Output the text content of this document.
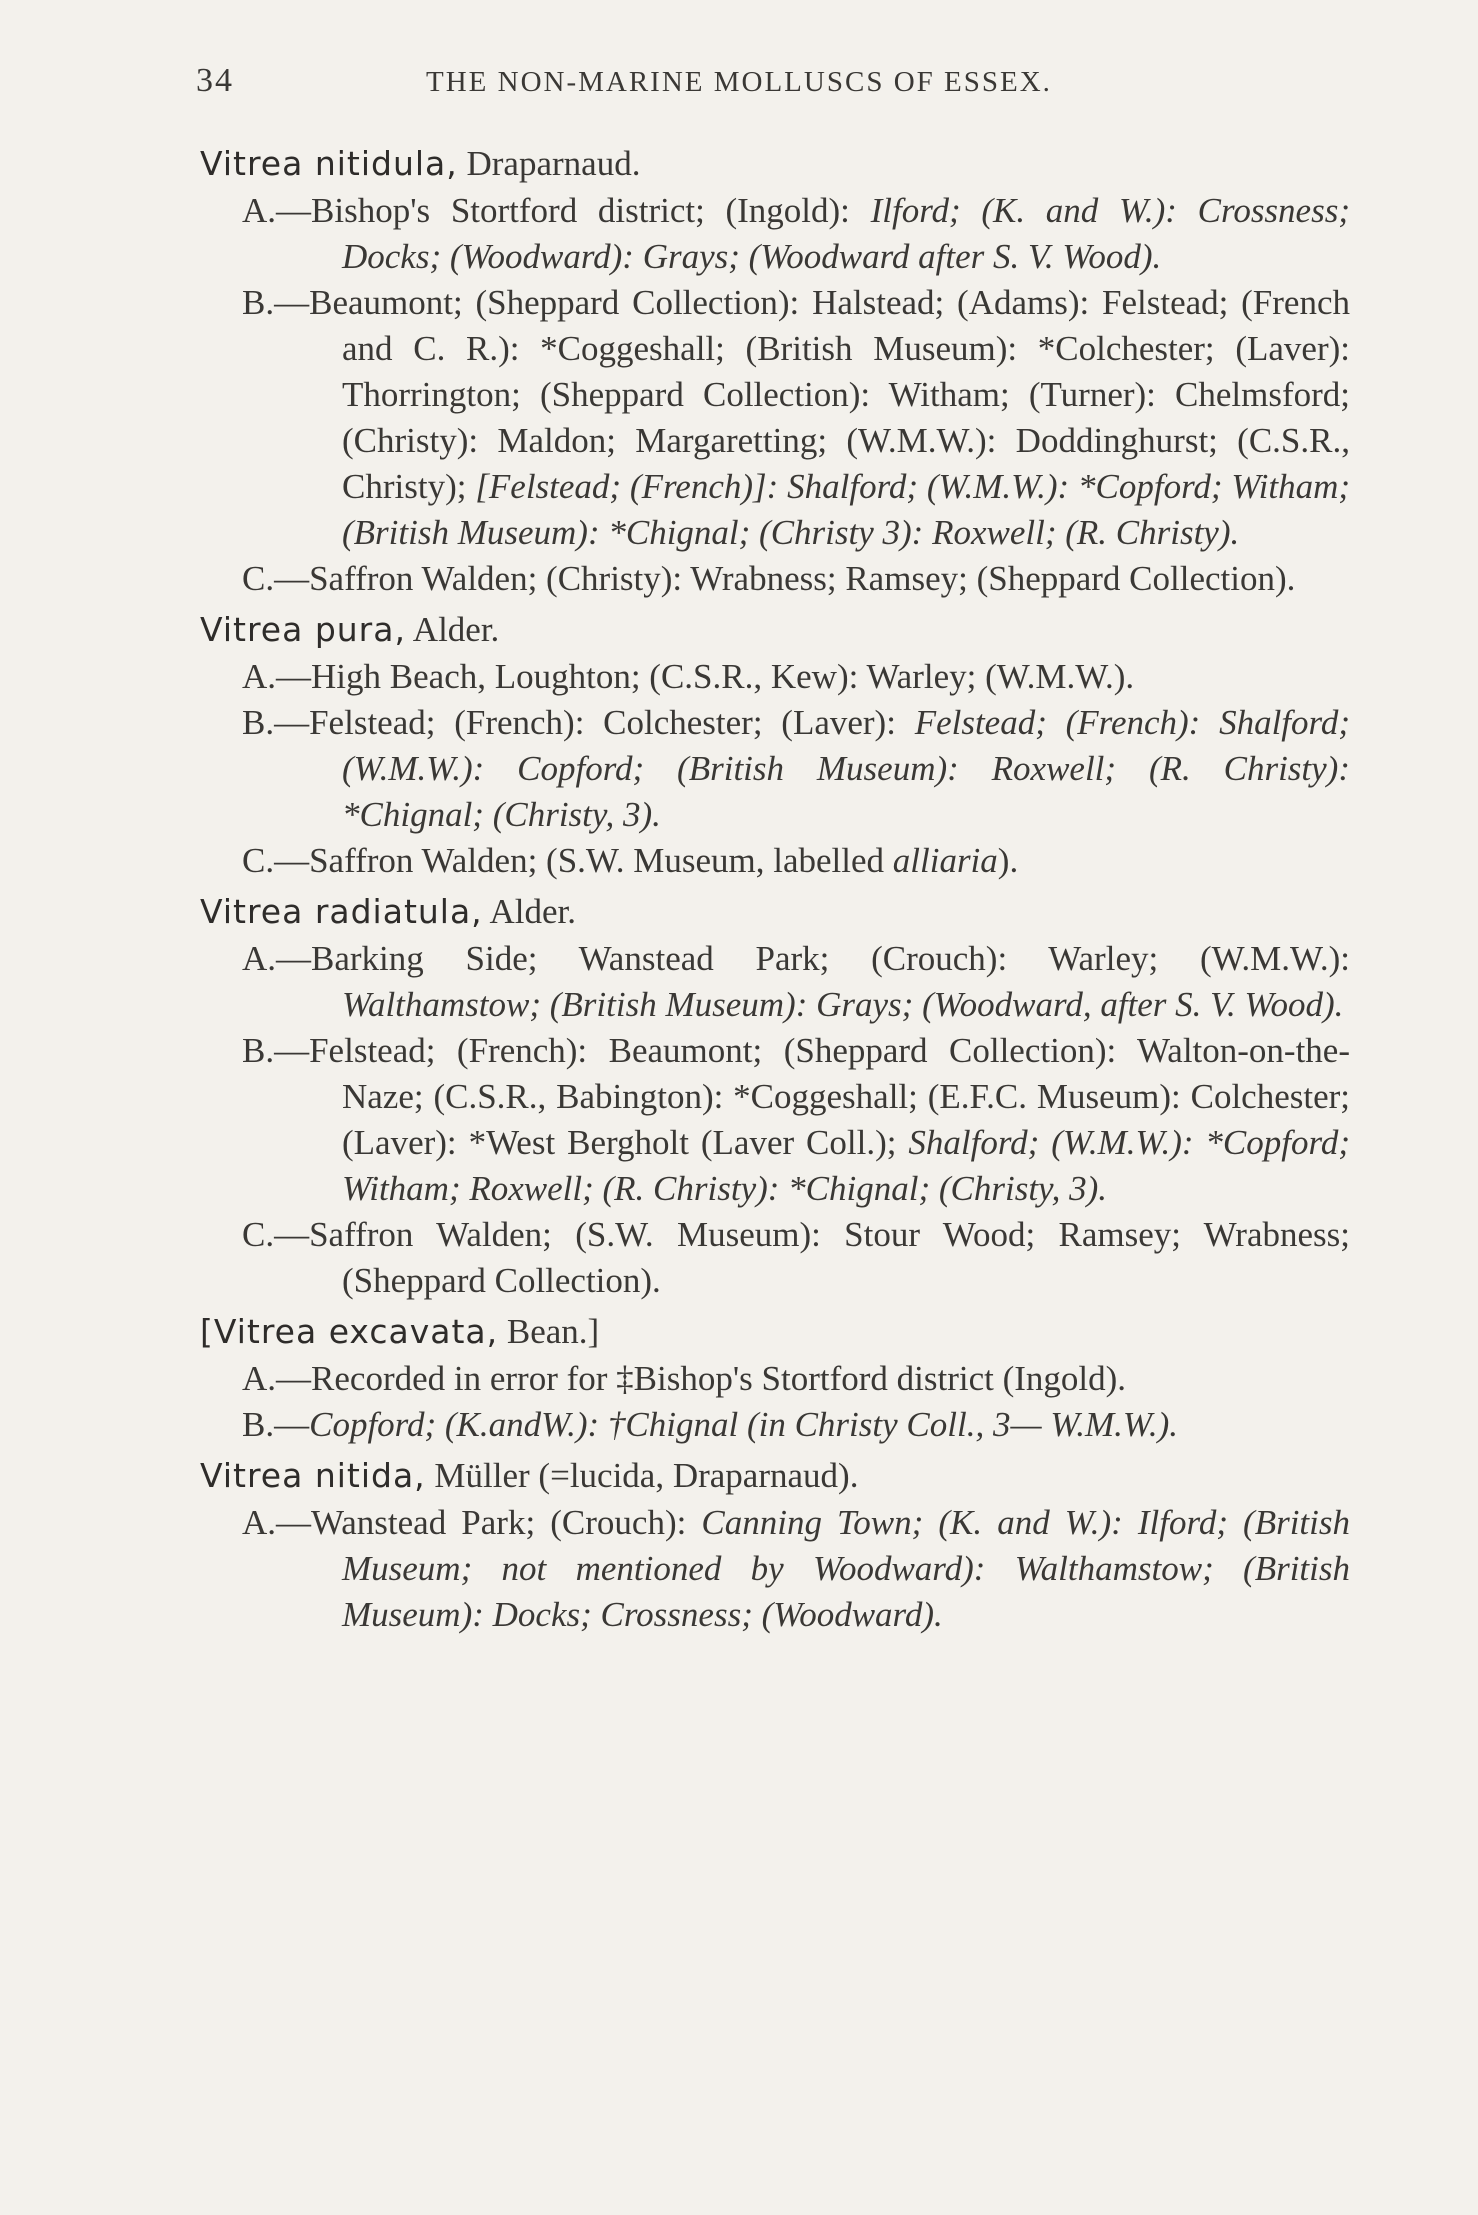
34	THE NON-MARINE MOLLUSCS OF ESSEX.
Vitrea nitidula, Draparnaud.

A.—Bishop's Stortford district; (Ingold): Ilford; (K. and W.): Crossness; Docks; (Woodward): Grays; (Woodward after S. V. Wood).

B.—Beaumont; (Sheppard Collection): Halstead; (Adams): Felstead; (French and C. R.): *Coggeshall; (British Museum): *Colchester; (Laver): Thorrington; (Sheppard Collection): Witham; (Turner): Chelmsford; (Christy): Maldon; Margaretting; (W.M.W.): Doddinghurst; (C.S.R., Christy); [Felstead; (French)]: Shalford; (W.M.W.): *Copford; Witham; (British Museum): *Chignal; (Christy 3): Roxwell; (R. Christy).

C.—Saffron Walden; (Christy): Wrabness; Ramsey; (Sheppard Collection).

Vitrea pura, Alder.

A.—High Beach, Loughton; (C.S.R., Kew): Warley; (W.M.W.).

B.—Felstead; (French): Colchester; (Laver): Felstead; (French): Shalford; (W.M.W.): Copford; (British Museum): Roxwell; (R. Christy): *Chignal; (Christy, 3).

C.—Saffron Walden; (S.W. Museum, labelled alliaria).

Vitrea radiatula, Alder.

A.—Barking Side; Wanstead Park; (Crouch): Warley; (W.M.W.): Walthamstow; (British Museum): Grays; (Woodward, after S. V. Wood).

B.—Felstead; (French): Beaumont; (Sheppard Collection): Walton-on-the-Naze; (C.S.R., Babington): *Coggeshall; (E.F.C. Museum): Colchester; (Laver): *West Bergholt (Laver Coll.); Shalford; (W.M.W.): *Copford; Witham; Roxwell; (R. Christy): *Chignal; (Christy, 3).

C.—Saffron Walden; (S.W. Museum): Stour Wood; Ramsey; Wrabness; (Sheppard Collection).

[Vitrea excavata, Bean.]

A.—Recorded in error for ‡Bishop's Stortford district (Ingold).

B.—Copford; (K.andW.): †Chignal (in Christy Coll., 3— W.M.W.).

Vitrea nitida, Müller (=lucida, Draparnaud).

A.—Wanstead Park; (Crouch): Canning Town; (K. and W.): Ilford; (British Museum; not mentioned by Woodward): Walthamstow; (British Museum): Docks; Crossness; (Woodward).
